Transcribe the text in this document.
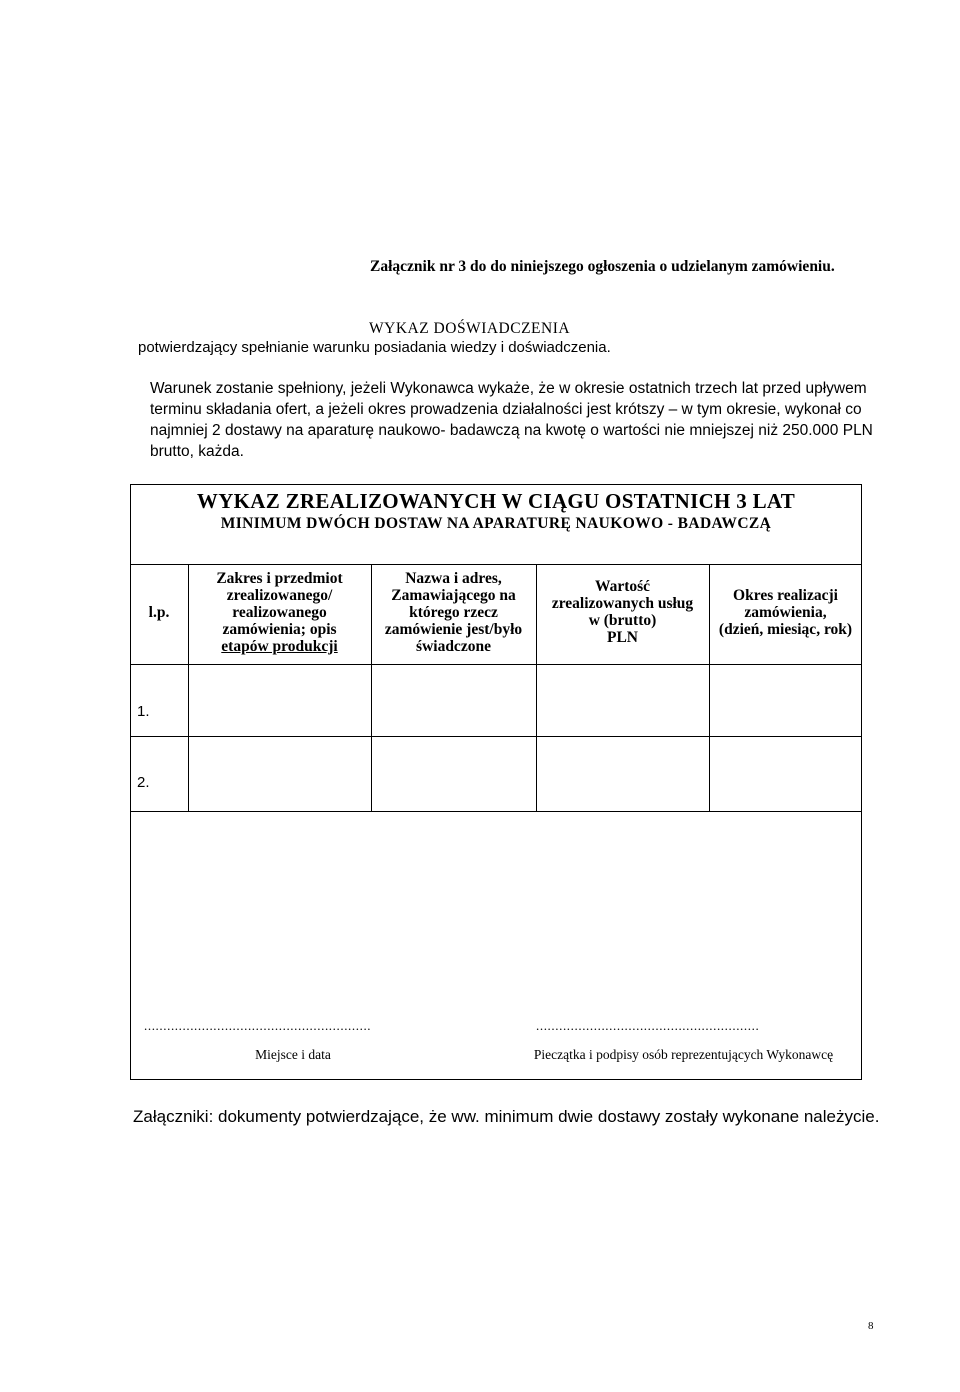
Załącznik nr 3 do do niniejszego ogłoszenia o udzielanym zamówieniu.
WYKAZ DOŚWIADCZENIA
potwierdzający spełnianie warunku posiadania wiedzy i doświadczenia.
Warunek zostanie spełniony, jeżeli Wykonawca wykaże, że w okresie ostatnich trzech lat przed upływem
terminu składania ofert, a jeżeli okres prowadzenia działalności jest krótszy – w tym okresie, wykonał co
najmniej 2 dostawy na aparaturę naukowo- badawczą na kwotę o wartości nie mniejszej niż 250.000 PLN
brutto, każda.
WYKAZ ZREALIZOWANYCH W CIĄGU OSTATNICH 3 LAT
MINIMUM DWÓCH DOSTAW NA APARATURĘ NAUKOWO - BADAWCZĄ
l.p.
Zakres i przedmiot
zrealizowanego/
realizowanego
zamówienia; opis
etapów produkcji
Nazwa i adres,
Zamawiającego na
którego rzecz
zamówienie jest/było
świadczone
Wartość
zrealizowanych usług
w (brutto)
PLN
Okres realizacji
zamówienia,
(dzień, miesiąc, rok)
1.
2.
...........................................................	..........................................................
Miejsce i data	Pieczątka i podpisy osób reprezentujących Wykonawcę
Załączniki: dokumenty potwierdzające, że ww. minimum dwie dostawy zostały wykonane należycie.
8
